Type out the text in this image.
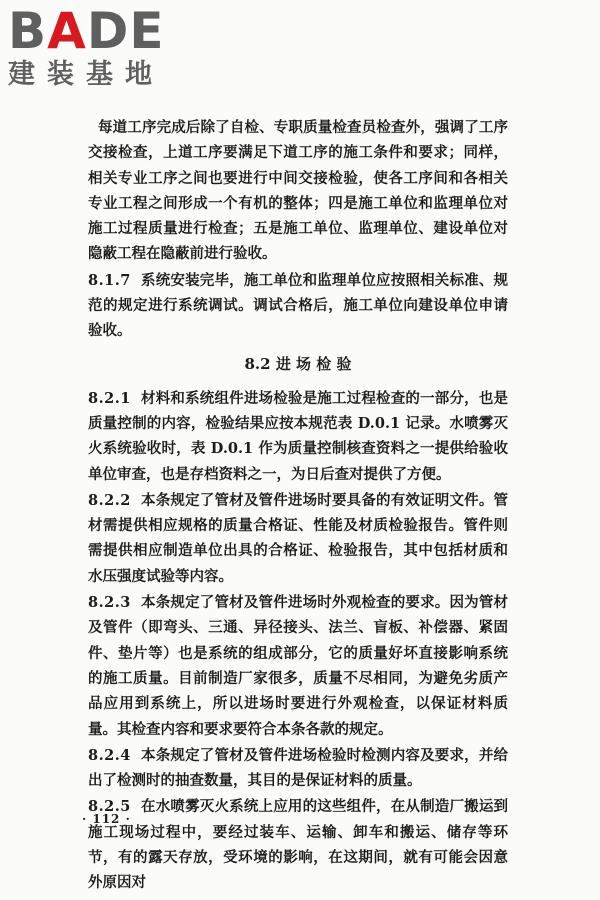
BADE
建装基地

每道工序完成后除了自检、专职质量检查员检查外，强调了工序交接检查，上道工序要满足下道工序的施工条件和要求；同样，相关专业工序之间也要进行中间交接检验，使各工序间和各相关专业工程之间形成一个有机的整体；四是施工单位和监理单位对施工过程质量进行检查；五是施工单位、监理单位、建设单位对隐蔽工程在隐蔽前进行验收。

8.1.7 系统安装完毕，施工单位和监理单位应按照相关标准、规范的规定进行系统调试。调试合格后，施工单位向建设单位申请验收。

8.2 进 场 检 验

8.2.1 材料和系统组件进场检验是施工过程检查的一部分，也是质量控制的内容，检验结果应按本规范表 D.0.1 记录。水喷雾灭火系统验收时，表 D.0.1 作为质量控制核查资料之一提供给验收单位审查，也是存档资料之一，为日后查对提供了方便。

8.2.2 本条规定了管材及管件进场时要具备的有效证明文件。管材需提供相应规格的质量合格证、性能及材质检验报告。管件则需提供相应制造单位出具的合格证、检验报告，其中包括材质和水压强度试验等内容。

8.2.3 本条规定了管材及管件进场时外观检查的要求。因为管材及管件（即弯头、三通、异径接头、法兰、盲板、补偿器、紧固件、垫片等）也是系统的组成部分，它的质量好坏直接影响系统的施工质量。目前制造厂家很多，质量不尽相同，为避免劣质产品应用到系统上，所以进场时要进行外观检查，以保证材料质量。其检查内容和要求要符合本条各款的规定。

8.2.4 本条规定了管材及管件进场检验时检测内容及要求，并给出了检测时的抽查数量，其目的是保证材料的质量。

8.2.5 在水喷雾灭火系统上应用的这些组件，在从制造厂搬运到施工现场过程中，要经过装车、运输、卸车和搬运、储存等环节，有的露天存放，受环境的影响，在这期间，就有可能会因意外原因对

· 112 ·
